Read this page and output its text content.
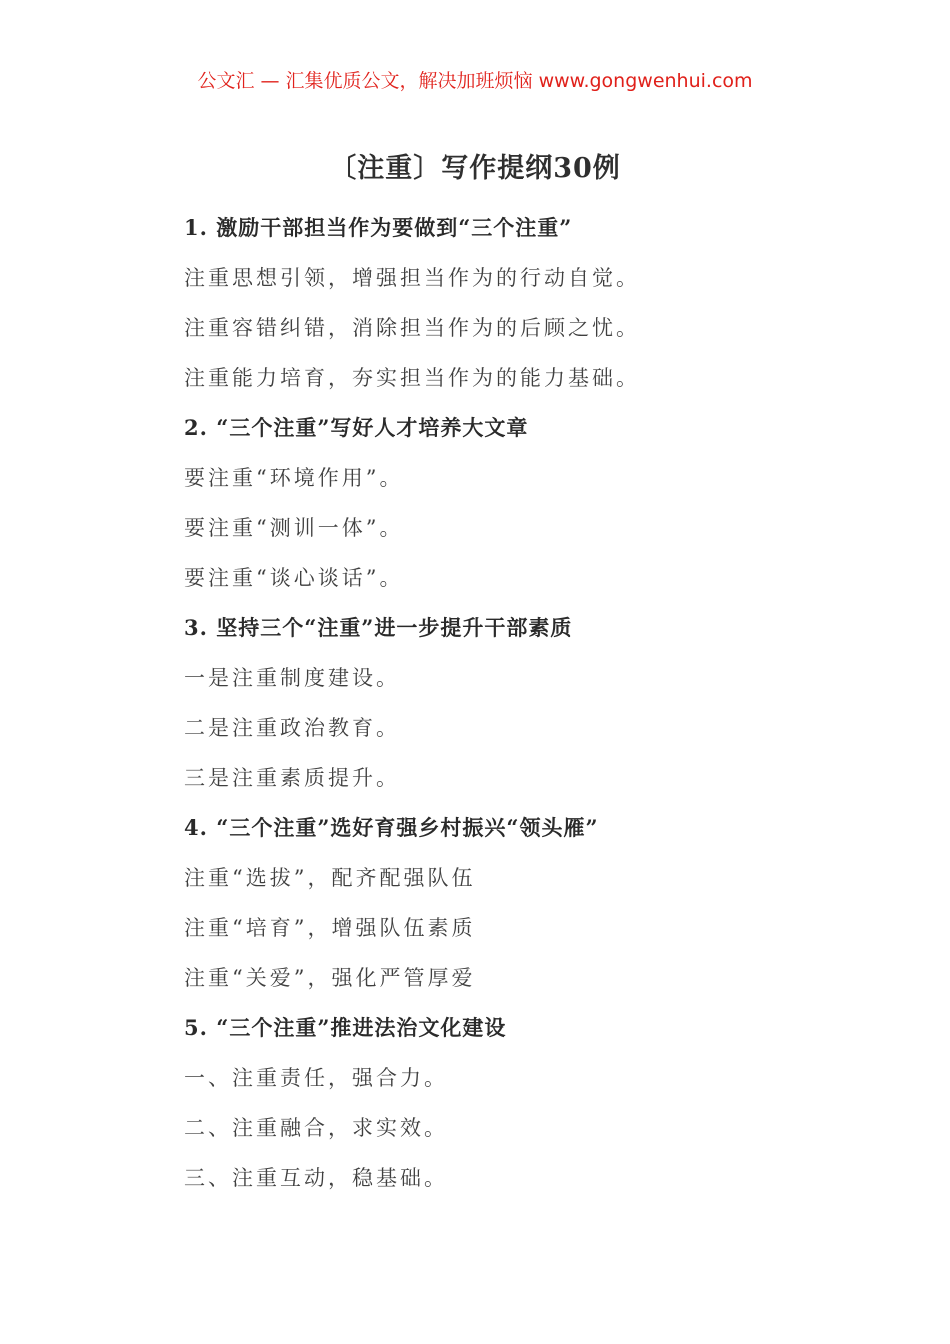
公文汇 — 汇集优质公文，解决加班烦恼 www.gongwenhui.com
〔注重〕写作提纲30例
1. 激励干部担当作为要做到“三个注重”
注重思想引领，增强担当作为的行动自觉。
注重容错纠错，消除担当作为的后顾之忧。
注重能力培育，夯实担当作为的能力基础。
2. “三个注重”写好人才培养大文章
要注重“环境作用”。
要注重“测训一体”。
要注重“谈心谈话”。
3. 坚持三个“注重”进一步提升干部素质
一是注重制度建设。
二是注重政治教育。
三是注重素质提升。
4. “三个注重”选好育强乡村振兴“领头雁”
注重“选拔”，配齐配强队伍
注重“培育”，增强队伍素质
注重“关爱”，强化严管厚爱
5. “三个注重”推进法治文化建设
一、注重责任，强合力。
二、注重融合，求实效。
三、注重互动，稳基础。
